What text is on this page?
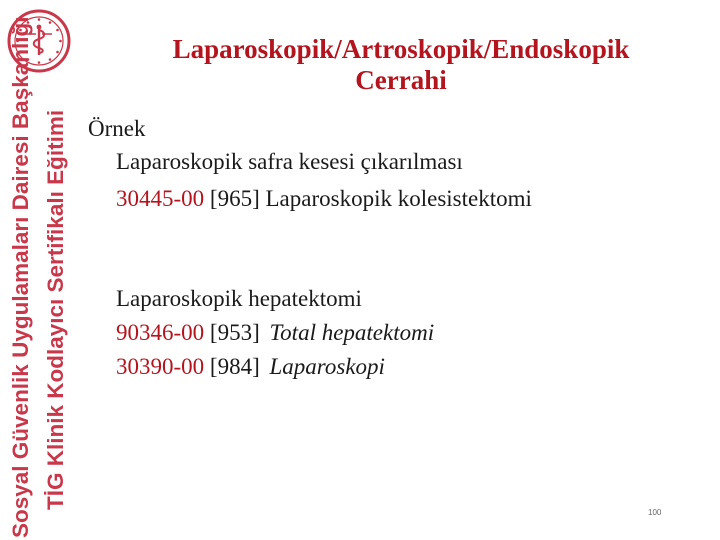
Sosyal Güvenlik Uygulamaları Dairesi Başkanlığı TİG Klinik Kodlayıcı Sertifikalı Eğitimi
Laparoskopik/Artroskopik/Endoskopik
Cerrahi
Örnek
Laparoskopik safra kesesi çıkarılması
30445-00 [965] Laparoskopik kolesistektomi
Laparoskopik hepatektomi
90346-00 [953] Total hepatektomi
30390-00 [984] Laparoskopi
100
